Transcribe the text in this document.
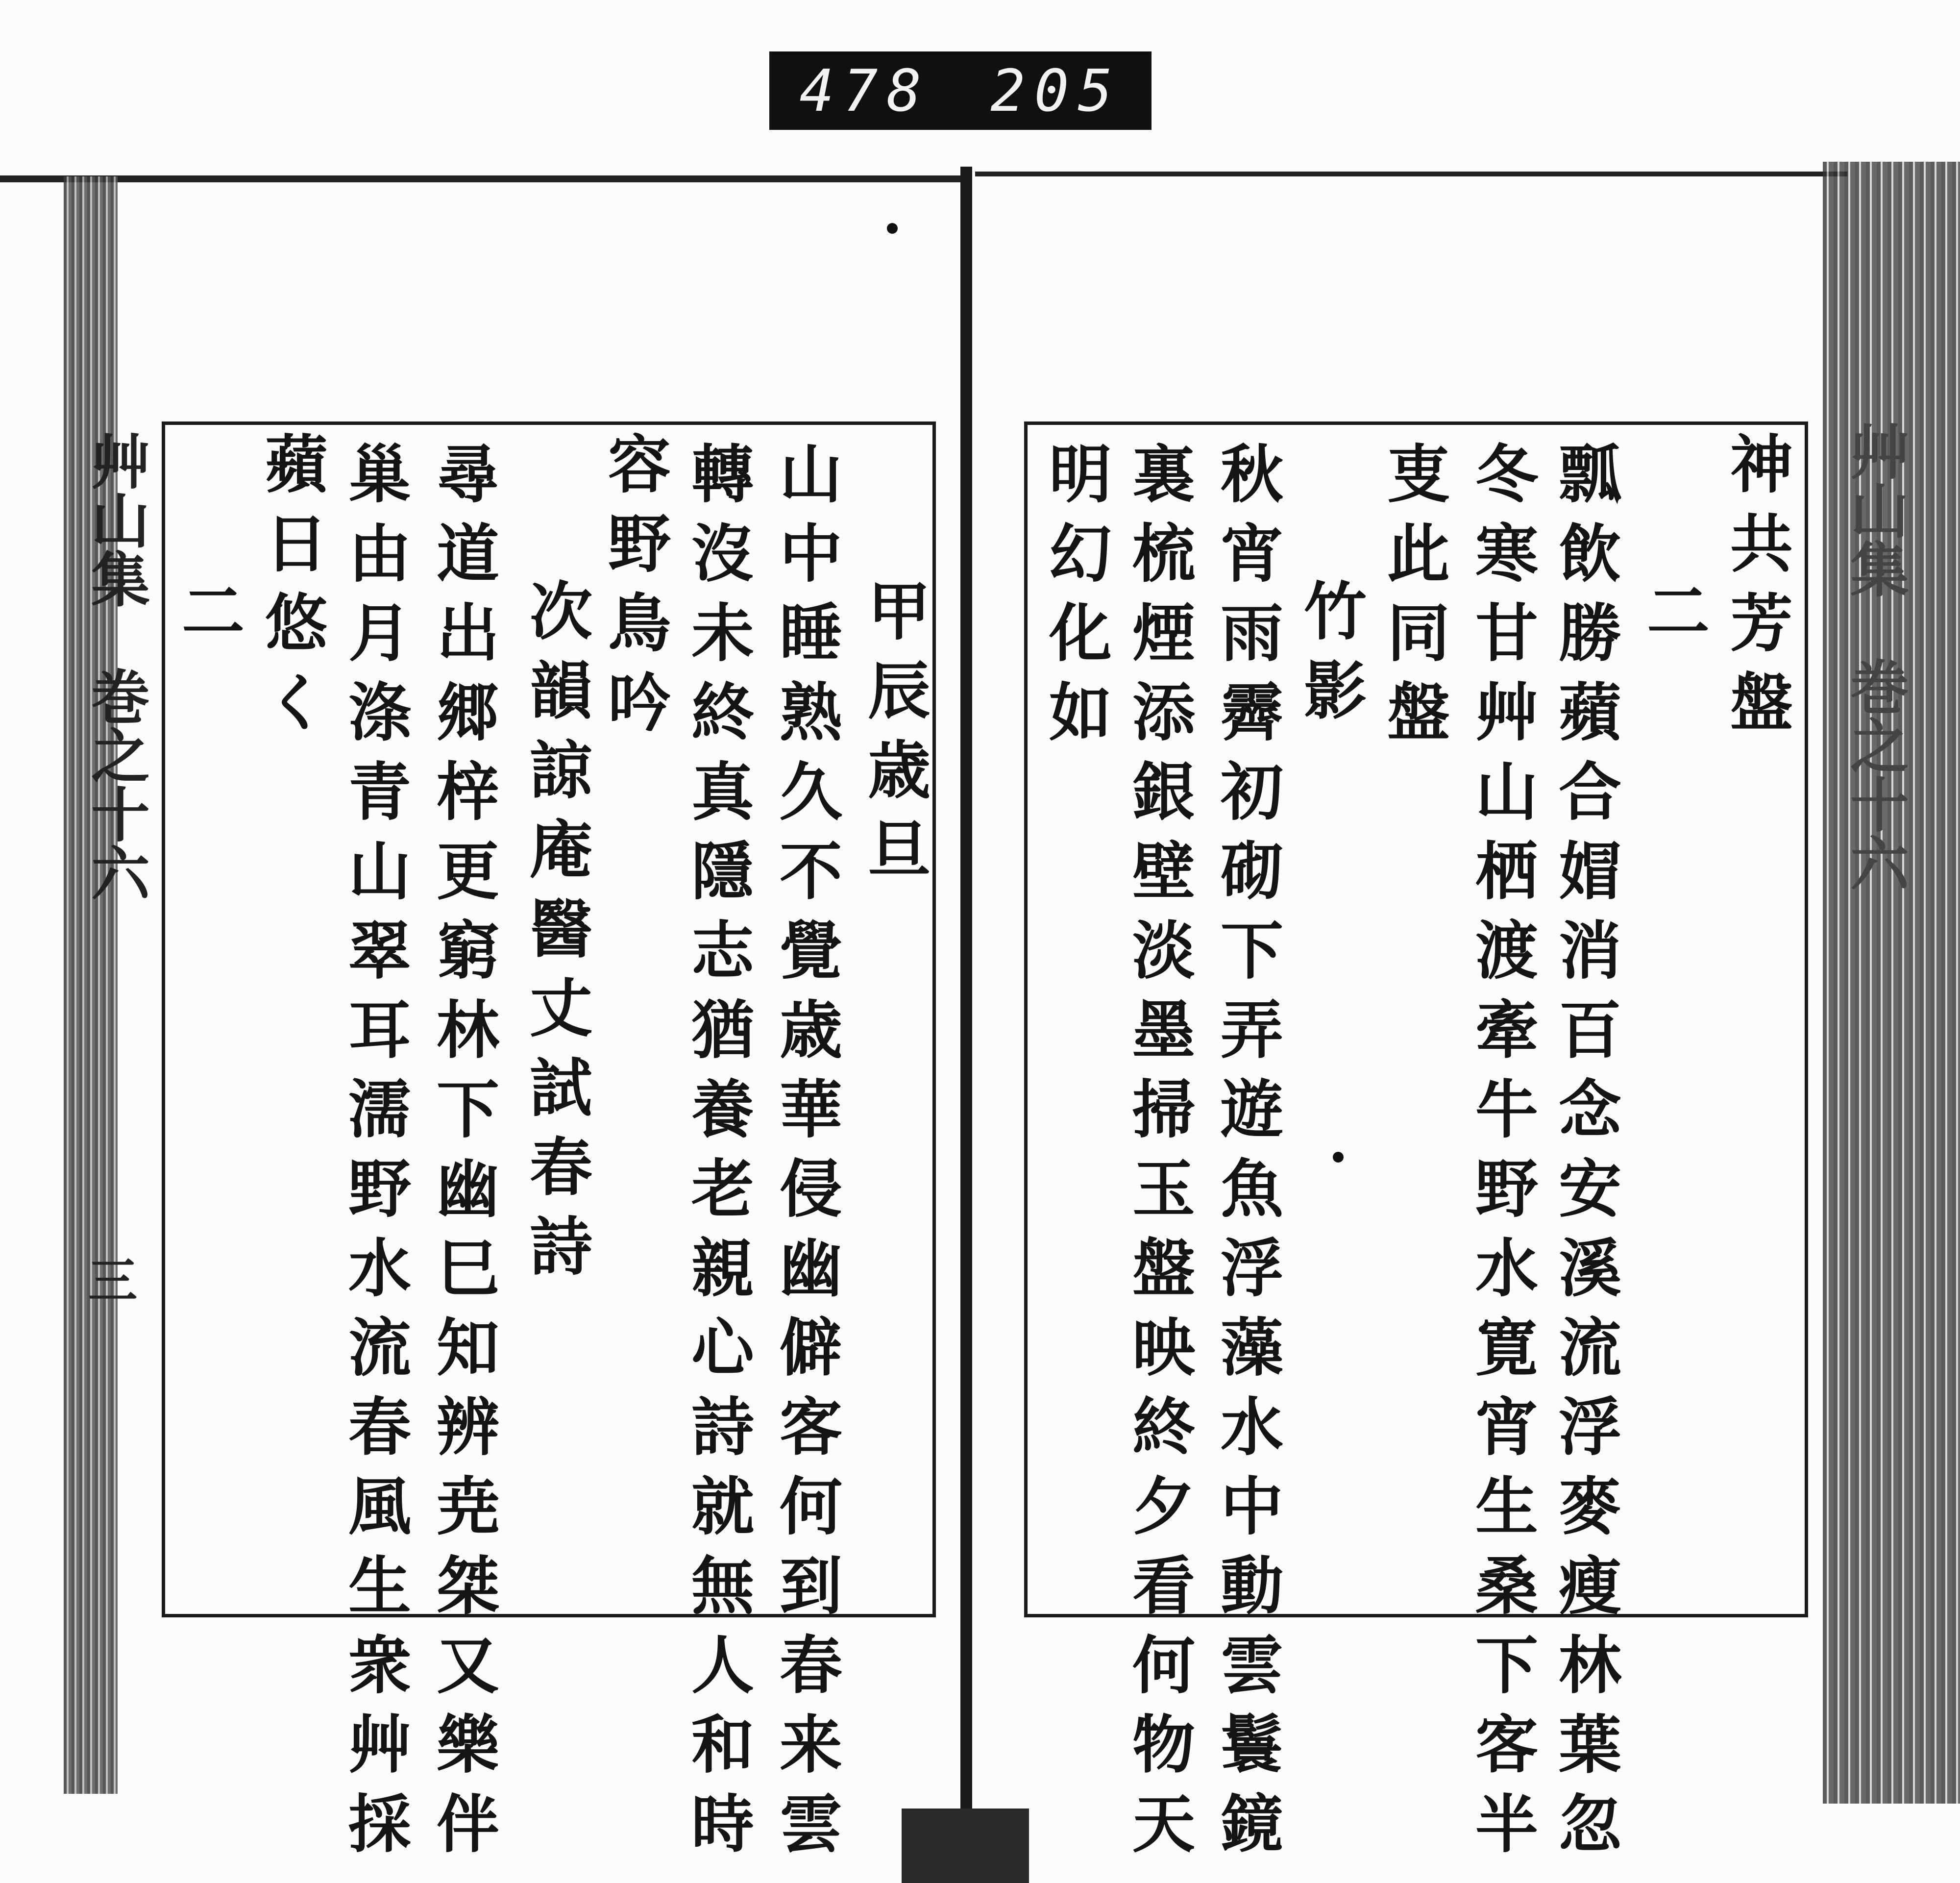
478 205
艸山集　巻之十六
三
艸山集　巻之十六
二 蘋日悠く 巢由月涤青山翠耳濡野水流春風生衆艸採 尋道出郷梓更窮林下幽巳知辨尭桀又樂伴 次韻諒庵醫丈試春詩 容野鳥吟 轉沒未終真隱志猶養老親心詩就無人和時 山中睡熟久不覺歳華侵幽僻客何到春来雲 甲辰歳旦 明幻化如 裏梳煙添銀壁淡墨掃玉盤映終夕看何物天 秋宵雨霽初砌下弄遊魚浮藻水中動雲鬟鏡 竹影 叓此同盤 冬寒甘艸山栖渡牽牛野水寛宵生桑下客半 瓢飲勝蘋合媢消百念安溪流浮麥瘦林葉忽 二 神共芳盤
